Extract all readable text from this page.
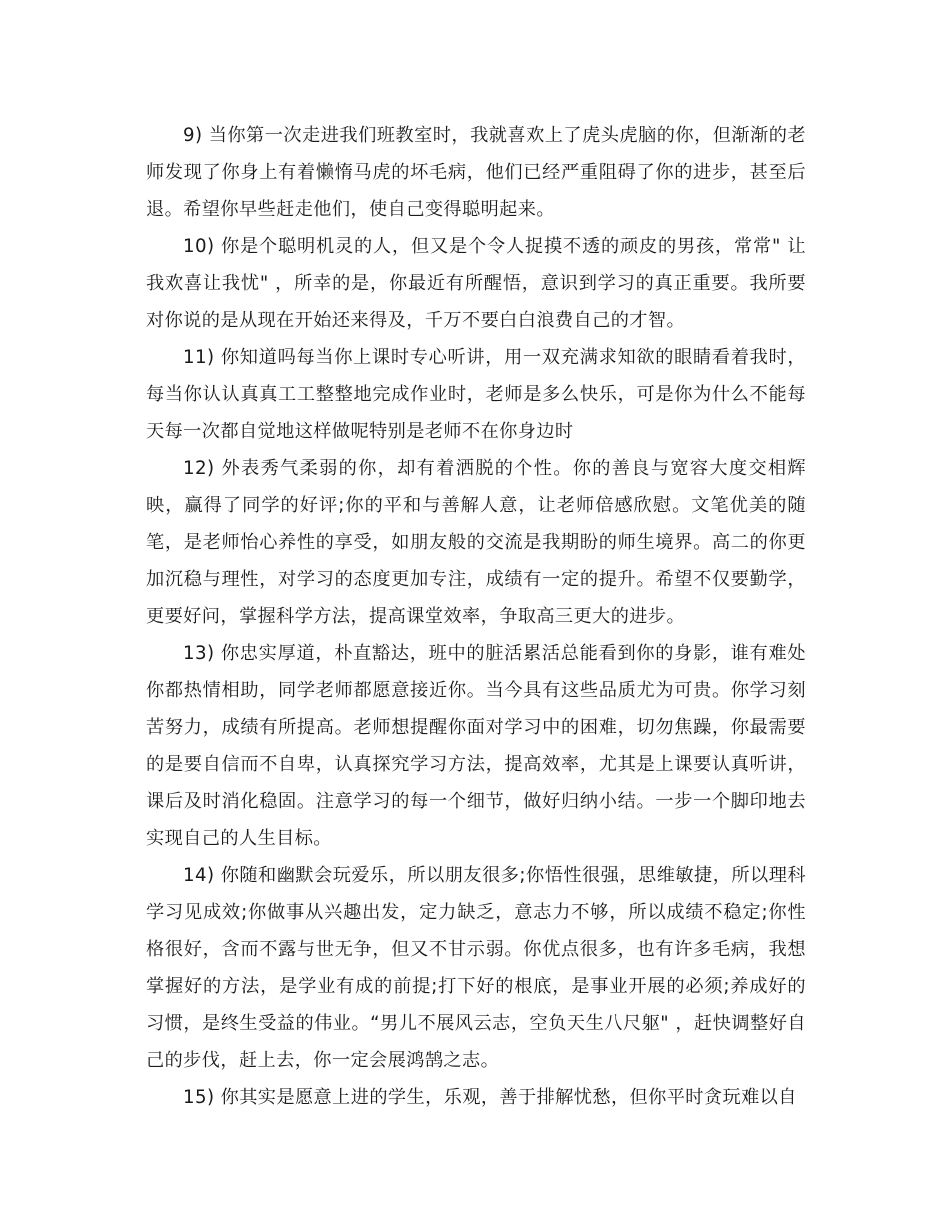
9) 当你第一次走进我们班教室时，我就喜欢上了虎头虎脑的你，但渐渐的老师发现了你身上有着懒惰马虎的坏毛病，他们已经严重阻碍了你的进步，甚至后退。希望你早些赶走他们，使自己变得聪明起来。

10) 你是个聪明机灵的人，但又是个令人捉摸不透的顽皮的男孩，常常" 让我欢喜让我忧" ，所幸的是，你最近有所醒悟，意识到学习的真正重要。我所要对你说的是从现在开始还来得及，千万不要白白浪费自己的才智。

11) 你知道吗每当你上课时专心听讲，用一双充满求知欲的眼睛看着我时，每当你认认真真工工整整地完成作业时，老师是多么快乐，可是你为什么不能每天每一次都自觉地这样做呢特别是老师不在你身边时

12) 外表秀气柔弱的你，却有着洒脱的个性。你的善良与宽容大度交相辉映，赢得了同学的好评;你的平和与善解人意，让老师倍感欣慰。文笔优美的随笔，是老师怡心养性的享受，如朋友般的交流是我期盼的师生境界。高二的你更加沉稳与理性，对学习的态度更加专注，成绩有一定的提升。希望不仅要勤学，更要好问，掌握科学方法，提高课堂效率，争取高三更大的进步。

13) 你忠实厚道，朴直豁达，班中的脏活累活总能看到你的身影，谁有难处你都热情相助，同学老师都愿意接近你。当今具有这些品质尤为可贵。你学习刻苦努力，成绩有所提高。老师想提醒你面对学习中的困难，切勿焦躁，你最需要的是要自信而不自卑，认真探究学习方法，提高效率，尤其是上课要认真听讲，课后及时消化稳固。注意学习的每一个细节，做好归纳小结。一步一个脚印地去实现自己的人生目标。

14) 你随和幽默会玩爱乐，所以朋友很多;你悟性很强，思维敏捷，所以理科学习见成效;你做事从兴趣出发，定力缺乏，意志力不够，所以成绩不稳定;你性格很好，含而不露与世无争，但又不甘示弱。你优点很多，也有许多毛病，我想掌握好的方法，是学业有成的前提;打下好的根底，是事业开展的必须;养成好的习惯，是终生受益的伟业。“男儿不展风云志，空负天生八尺躯" ，赶快调整好自己的步伐，赶上去，你一定会展鸿鹄之志。

15) 你其实是愿意上进的学生，乐观，善于排解忧愁，但你平时贪玩难以自
